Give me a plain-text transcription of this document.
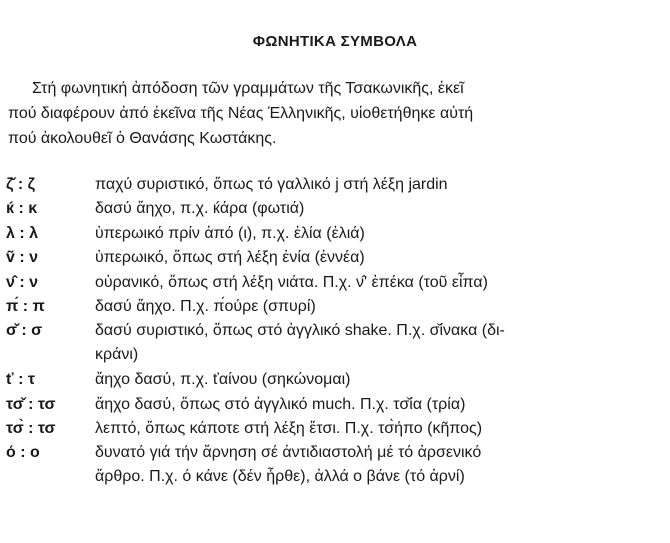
ΦΩΝΗΤΙΚΑ ΣΥΜΒΟΛΑ

Στή φωνητική ἀπόδοση τῶν γραμμάτων τῆς Τσακωνικῆς, ἐκεῖ

πού διαφέρουν ἀπό ἐκεῖνα τῆς Νέας Ἑλληνικῆς, υἱοθετήθηκε αὐτή

πού ἀκολουθεῖ ὁ Θανάσης Κωστάκης.

ζ̌ : ζ	παχύ συριστικό, ὅπως τό γαλλικό j στή λέξη jardin
ќ : κ	δασύ ἄηχο, π.χ. ќάρα (φωτιά)
λ : λ	ὑπερωικό πρίν ἀπό (ι), π.χ. ἐλία (ἐλιά)
ṽ : ν	ὑπερωικό, ὅπως στή λέξη ἐνία (ἐννέα)
ν̂ : ν	οὐρανικό, ὅπως στή λέξη νιάτα. Π.χ. ν̂' ἐπέκα (τοῦ εἶπα)
π́ : π	δασύ ἄηχο. Π.χ. π́ούρε (σπυρί)
σ̌ : σ	δασύ συριστικό, ὅπως στό ἀγγλικό shake. Π.χ. σ̌ίνακα (δι-
κράνι)
ť : τ	ἄηχο δασύ, π.χ. ťαίνου (σηκώνομαι)
τσ̌ : τσ	ἄηχο δασύ, ὅπως στό ἀγγλικό much. Π.χ. τσ̌ία (τρία)
τσ̀ : τσ	λεπτό, ὅπως κάποτε στή λέξη ἔτσι. Π.χ. τσ̀ήπο (κῆπος)
ό : ο	δυνατό γιά τήν ἄρνηση σέ ἀντιδιαστολή μέ τό ἀρσενικό
ἄρθρο. Π.χ. ό κάνε (δέν ἦρθε), ἀλλά ο βάνε (τό ἀρνί)
